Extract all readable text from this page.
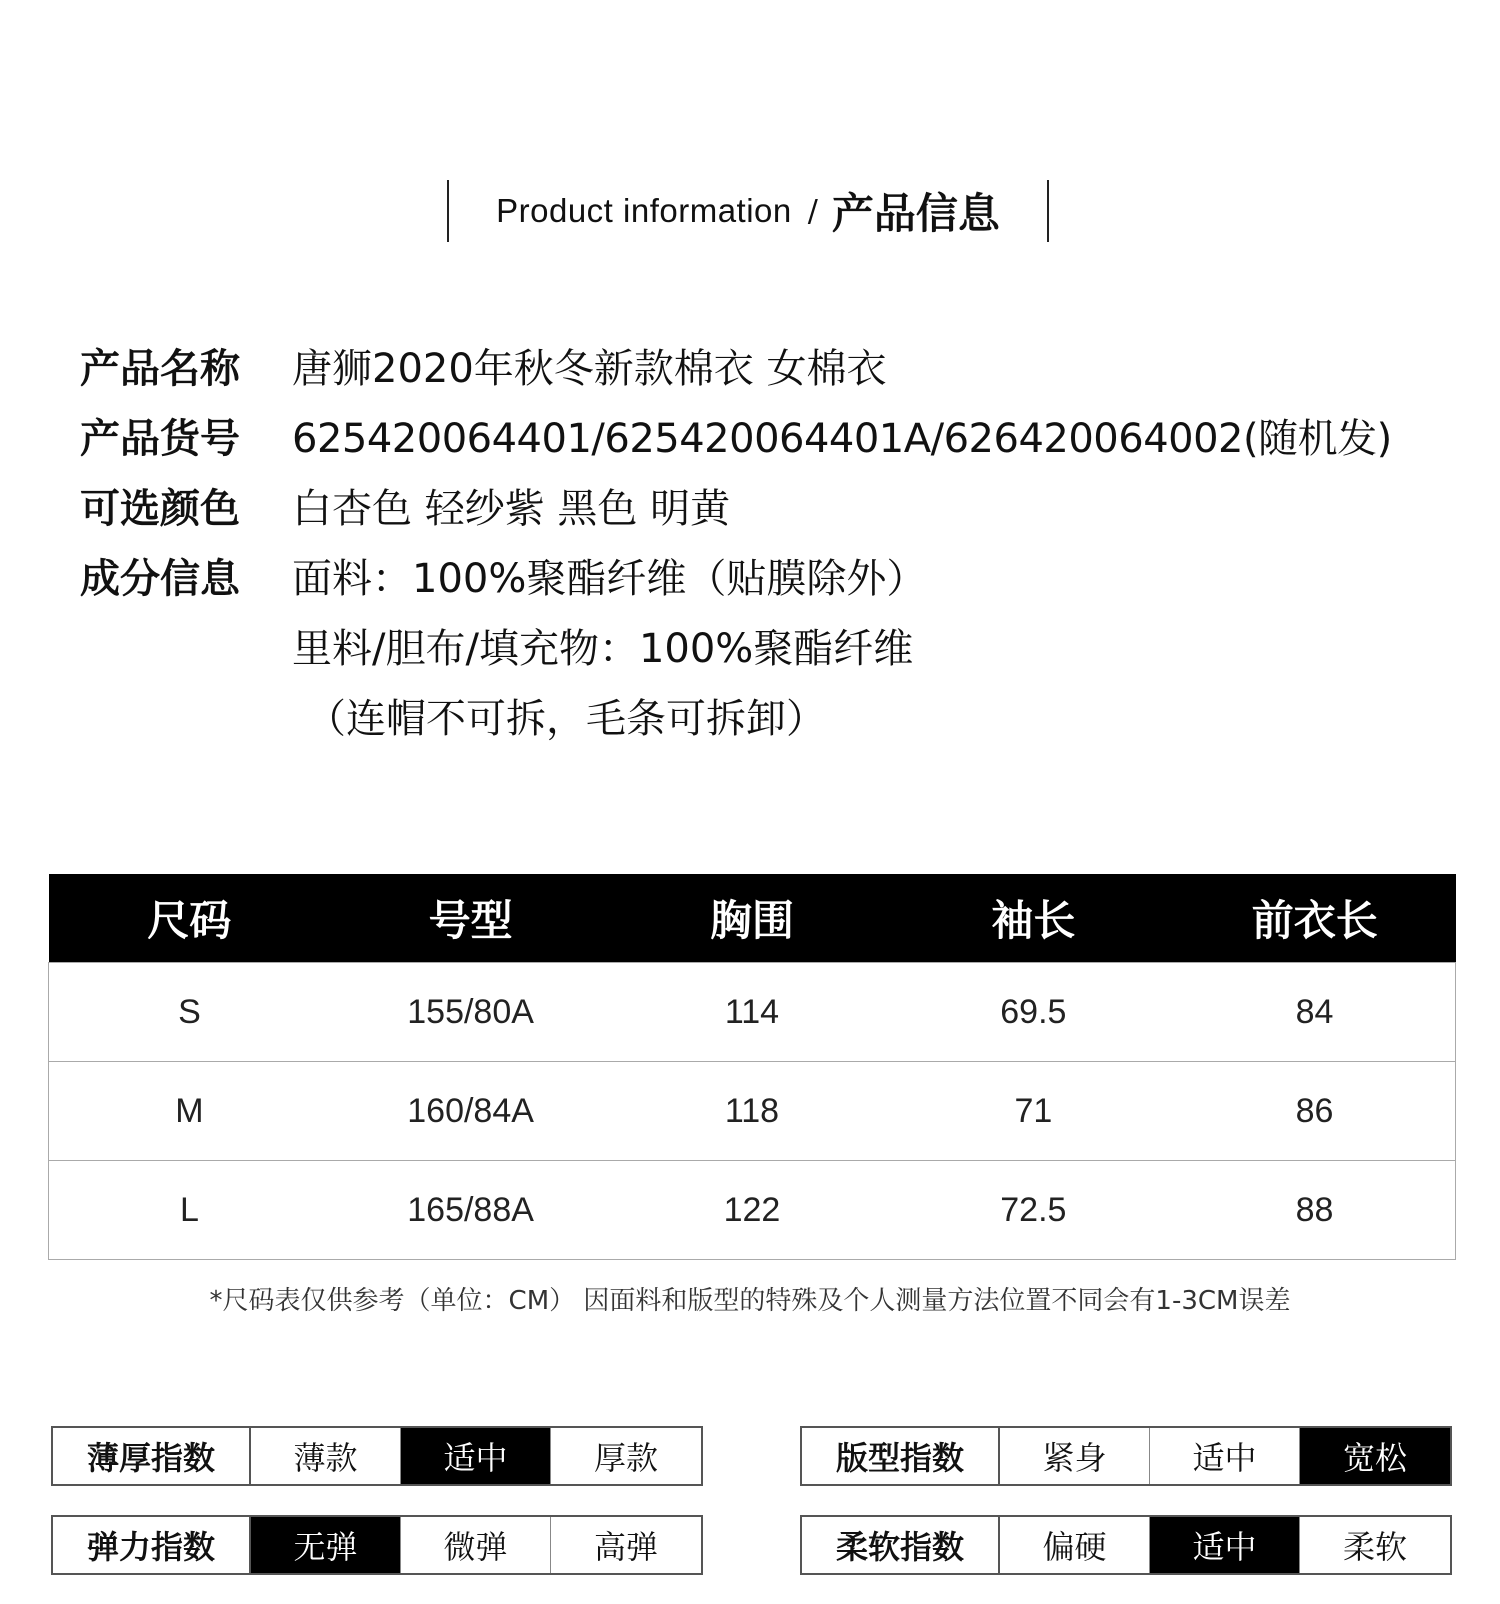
Product information / 产品信息
产品名称	唐狮2020年秋冬新款棉衣 女棉衣
产品货号	625420064401/625420064401A/626420064002(随机发)
可选颜色	白杏色 轻纱紫 黑色 明黄
成分信息	面料：100%聚酯纤维（贴膜除外）
里料/胆布/填充物：100%聚酯纤维
（连帽不可拆，毛条可拆卸）
尺码	号型	胸围	袖长	前衣长
S	155/80A	114	69.5	84
M	160/84A	118	71	86
L	165/88A	122	72.5	88
*尺码表仅供参考（单位：CM） 因面料和版型的特殊及个人测量方法位置不同会有1-3CM误差
薄厚指数	薄款	适中	厚款	版型指数	紧身	适中	宽松
弹力指数	无弹	微弹	高弹	柔软指数	偏硬	适中	柔软
